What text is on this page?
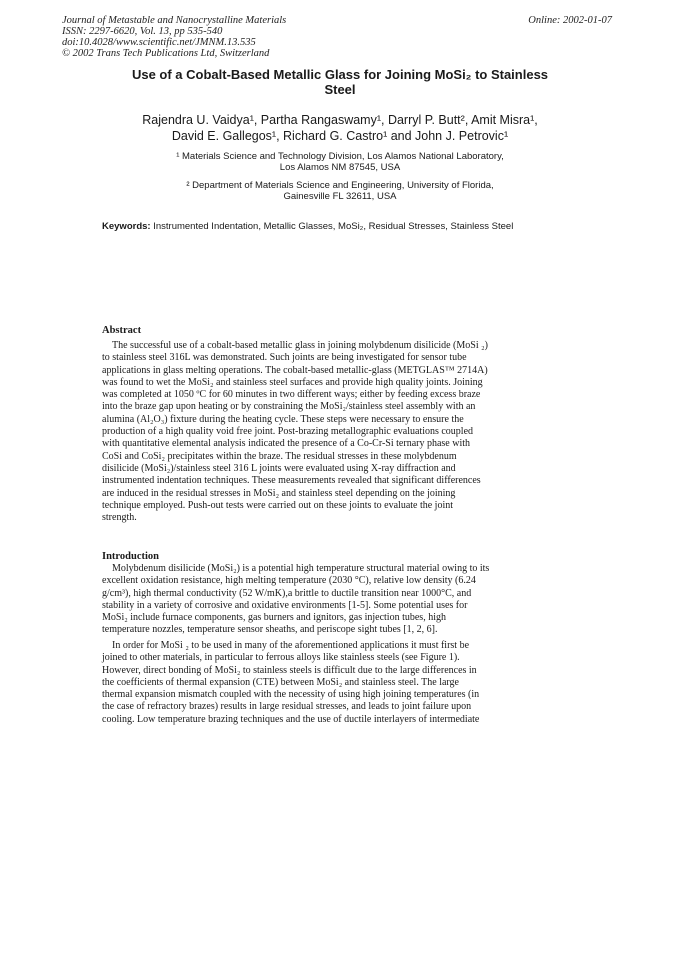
Journal of Metastable and Nanocrystalline Materials
ISSN: 2297-6620, Vol. 13, pp 535-540
doi:10.4028/www.scientific.net/JMNM.13.535
© 2002 Trans Tech Publications Ltd, Switzerland
Online: 2002-01-07
Use of a Cobalt-Based Metallic Glass for Joining MoSi₂ to Stainless
Steel
Rajendra U. Vaidya¹, Partha Rangaswamy¹, Darryl P. Butt², Amit Misra¹,
David E. Gallegos¹, Richard G. Castro¹ and John J. Petrovic¹
¹ Materials Science and Technology Division, Los Alamos National Laboratory,
Los Alamos NM 87545, USA
² Department of Materials Science and Engineering, University of Florida,
Gainesville FL 32611, USA
Keywords: Instrumented Indentation, Metallic Glasses, MoSi₂, Residual Stresses, Stainless Steel
Abstract
The successful use of a cobalt-based metallic glass in joining molybdenum disilicide (MoSi ₂)
to stainless steel 316L was demonstrated. Such joints are being investigated for sensor tube
applications in glass melting operations. The cobalt-based metallic-glass (METGLAS™ 2714A)
was found to wet the MoSi₂ and stainless steel surfaces and provide high quality joints. Joining
was completed at 1050 ºC for 60 minutes in two different ways; either by feeding excess braze
into the braze gap upon heating or by constraining the MoSi₂/stainless steel assembly with an
alumina (Al₂O₃) fixture during the heating cycle. These steps were necessary to ensure the
production of a high quality void free joint. Post-brazing metallographic evaluations coupled
with quantitative elemental analysis indicated the presence of a Co-Cr-Si ternary phase with
CoSi and CoSi₂ precipitates within the braze. The residual stresses in these molybdenum
disilicide (MoSi₂)/stainless steel 316 L joints were evaluated using X-ray diffraction and
instrumented indentation techniques. These measurements revealed that significant differences
are induced in the residual stresses in MoSi₂ and stainless steel depending on the joining
technique employed. Push-out tests were carried out on these joints to evaluate the joint
strength.
Introduction
Molybdenum disilicide (MoSi₂) is a potential high temperature structural material owing to its
excellent oxidation resistance, high melting temperature (2030 °C), relative low density (6.24
g/cm³), high thermal conductivity (52 W/mK),a brittle to ductile transition near 1000°C, and
stability in a variety of corrosive and oxidative environments [1-5]. Some potential uses for
MoSi₂ include furnace components, gas burners and ignitors, gas injection tubes, high
temperature nozzles, temperature sensor sheaths, and periscope sight tubes [1, 2, 6].
In order for MoSi ₂ to be used in many of the aforementioned applications it must first be
joined to other materials, in particular to ferrous alloys like stainless steels (see Figure 1).
However, direct bonding of MoSi₂ to stainless steels is difficult due to the large differences in
the coefficients of thermal expansion (CTE) between MoSi₂ and stainless steel. The large
thermal expansion mismatch coupled with the necessity of using high joining temperatures (in
the case of refractory brazes) results in large residual stresses, and leads to joint failure upon
cooling. Low temperature brazing techniques and the use of ductile interlayers of intermediate
